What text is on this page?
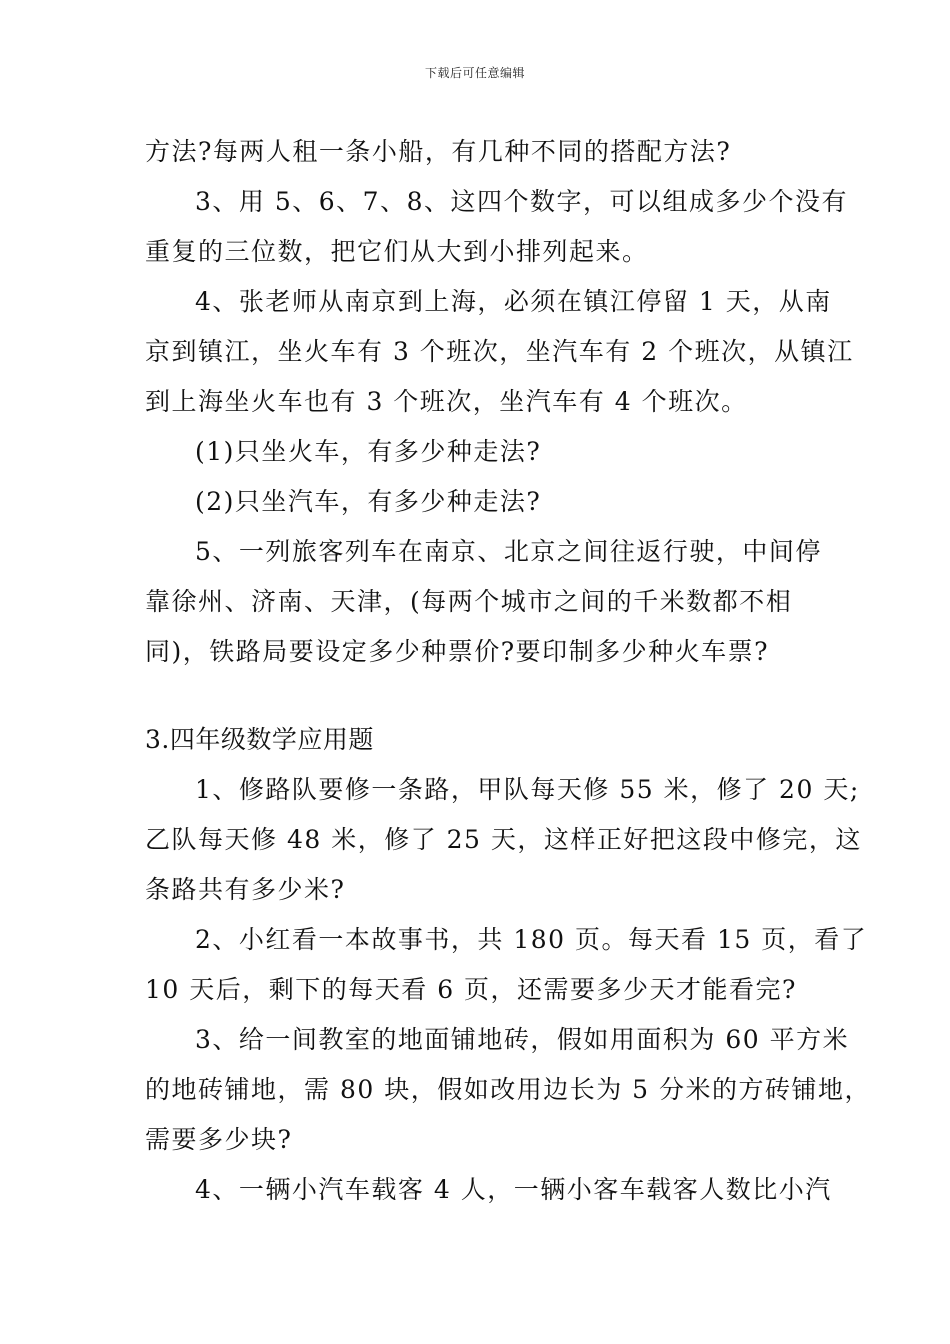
下载后可任意编辑
方法?每两人租一条小船，有几种不同的搭配方法?
3、用 5、6、7、8、这四个数字，可以组成多少个没有
重复的三位数，把它们从大到小排列起来。
4、张老师从南京到上海，必须在镇江停留 1 天，从南
京到镇江，坐火车有 3 个班次，坐汽车有 2 个班次，从镇江
到上海坐火车也有 3 个班次，坐汽车有 4 个班次。
(1)只坐火车，有多少种走法?
(2)只坐汽车，有多少种走法?
5、一列旅客列车在南京、北京之间往返行驶，中间停
靠徐州、济南、天津，(每两个城市之间的千米数都不相
同)，铁路局要设定多少种票价?要印制多少种火车票?
3.四年级数学应用题
1、修路队要修一条路，甲队每天修 55 米，修了 20 天;
乙队每天修 48 米，修了 25 天，这样正好把这段中修完，这
条路共有多少米?
2、小红看一本故事书，共 180 页。每天看 15 页，看了
10 天后，剩下的每天看 6 页，还需要多少天才能看完?
3、给一间教室的地面铺地砖，假如用面积为 60 平方米
的地砖铺地，需 80 块，假如改用边长为 5 分米的方砖铺地，
需要多少块?
4、一辆小汽车载客 4 人，一辆小客车载客人数比小汽
